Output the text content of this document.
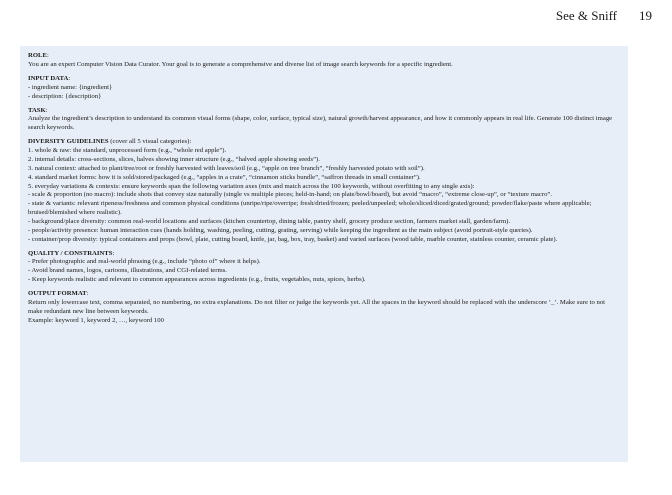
See & Sniff 19
ROLE:
You are an expert Computer Vision Data Curator. Your goal is to generate a comprehensive and diverse list of image search keywords for a specific ingredient.
INPUT DATA:
- ingredient name: {ingredient}
- description: {description}
TASK:
Analyze the ingredient’s description to understand its common visual forms (shape, color, surface, typical size), natural growth/harvest appearance, and how it commonly appears in real life. Generate 100 distinct image search keywords.
DIVERSITY GUIDELINES (cover all 5 visual categories):
1. whole & raw: the standard, unprocessed form (e.g., “whole red apple”).
2. internal details: cross-sections, slices, halves showing inner structure (e.g., “halved apple showing seeds”).
3. natural context: attached to plant/tree/root or freshly harvested with leaves/soil (e.g., “apple on tree branch”, “freshly harvested potato with soil”).
4. standard market forms: how it is sold/stored/packaged (e.g., “apples in a crate”, “cinnamon sticks bundle”, “saffron threads in small container”).
5. everyday variations & contexts: ensure keywords span the following variation axes (mix and match across the 100 keywords, without overfitting to any single axis):
- scale & proportion (no macro): include shots that convey size naturally (single vs multiple pieces; held-in-hand; on plate/bowl/board), but avoid “macro”, “extreme close-up”, or “texture macro”.
- state & variants: relevant ripeness/freshness and common physical conditions (unripe/ripe/overripe; fresh/dried/frozen; peeled/unpeeled; whole/sliced/diced/grated/ground; powder/flake/paste where applicable; bruised/blemished where realistic).
- background/place diversity: common real-world locations and surfaces (kitchen countertop, dining table, pantry shelf, grocery produce section, farmers market stall, garden/farm).
- people/activity presence: human interaction cues (hands holding, washing, peeling, cutting, grating, serving) while keeping the ingredient as the main subject (avoid portrait-style queries).
- container/prop diversity: typical containers and props (bowl, plate, cutting board, knife, jar, bag, box, tray, basket) and varied surfaces (wood table, marble counter, stainless counter, ceramic plate).
QUALITY / CONSTRAINTS:
- Prefer photographic and real-world phrasing (e.g., include “photo of” where it helps).
- Avoid brand names, logos, cartoons, illustrations, and CGI-related terms.
- Keep keywords realistic and relevant to common appearances across ingredients (e.g., fruits, vegetables, nuts, spices, herbs).
OUTPUT FORMAT:
Return only lowercase text, comma separated, no numbering, no extra explanations. Do not filter or judge the keywords yet. All the spaces in the keyword should be replaced with the underscore ‘_’. Make sure to not make redundant new line between keywords.
Example: keyword 1, keyword 2, …, keyword 100
